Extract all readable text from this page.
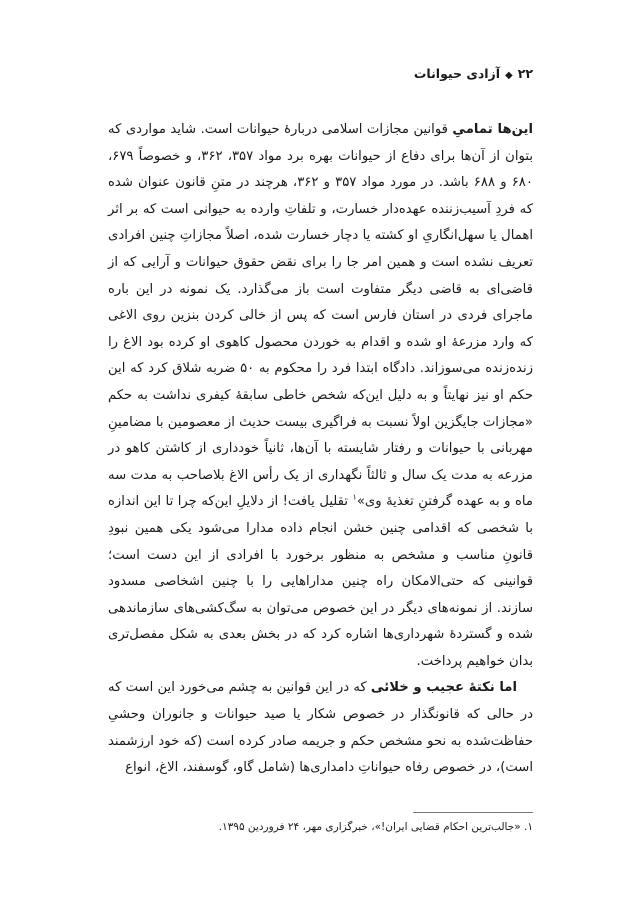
۲۲◆آزادی حیوانات

این‌ها تمامیِ قوانین مجازات اسلامی دربارهٔ حیوانات است. شاید مواردی که بتوان از آن‌ها برای دفاع از حیوانات بهره برد مواد ۳۵۷، ۳۶۲، و خصوصاً ۶۷۹، ۶۸۰ و ۶۸۸ باشد. در مورد مواد ۳۵۷ و ۳۶۲، هرچند در متنِ قانون عنوان شده که فردِ آسیب‌زننده عهده‌دار خسارت، و تلفاتِ وارده به حیوانی است که بر اثر اهمال یا سهل‌انگاریِ او کشته یا دچار خسارت شده، اصلاً مجازاتِ چنین افرادی تعریف نشده است و همین امر جا را برای نقض حقوق حیوانات و آرایی که از قاضی‌ای به قاضی دیگر متفاوت است باز می‌گذارد. یک نمونه در این باره ماجرای فردی در استان فارس است که پس از خالی کردن بنزین روی الاغی که وارد مزرعهٔ او شده و اقدام به خوردن محصول کاهوی او کرده بود الاغ را زنده‌زنده می‌سوزاند. دادگاه ابتدا فرد را محکوم به ۵۰ ضربه شلاق کرد که این حکم او نیز نهایتاً و به دلیل این‌که شخص خاطی سابقهٔ کیفری نداشت به حکم «مجازات جایگزین اولاً نسبت به فراگیری بیست حدیث از معصومین با مضامینِ مهربانی با حیوانات و رفتار شایسته با آن‌ها، ثانیاً خودداری از کاشتن کاهو در مزرعه به مدت یک سال و ثالثاً نگهداری از یک رأس الاغ بلاصاحب به مدت سه ماه و به عهده گرفتنِ تغذیهٔ وی»$^۱$ تقلیل یافت! از دلایلِ این‌که چرا تا این اندازه با شخصی که اقدامی چنین خشن انجام داده مدارا می‌شود یکی همین نبودِ قانونِ مناسب و مشخص به منظور برخورد با افرادی از این دست است؛ قوانینی که حتی‌الامکان راه چنین مداراهایی را با چنین اشخاصی مسدود سازند. از نمونه‌های دیگر در این خصوص می‌توان به سگ‌کشی‌های سازماندهی شده و گستردهٔ شهرداری‌ها اشاره کرد که در بخش بعدی به شکل مفصل‌تری بدان خواهیم پرداخت.

اما نکتهٔ عجیب و خلائی که در این قوانین به چشم می‌خورد این است که در حالی که قانونگذار در خصوص شکار یا صید حیوانات و جانوران وحشیِ حفاظت‌شده به نحو مشخص حکم و جریمه صادر کرده است (که خود ارزشمند است)، در خصوص رفاه حیواناتِ دامداری‌ها (شامل گاو، گوسفند، الاغ، انواع

۱. «جالب‌ترین احکام قضایی ایران!»، خبرگزاری مهر، ۲۴ فروردین ۱۳۹۵.
